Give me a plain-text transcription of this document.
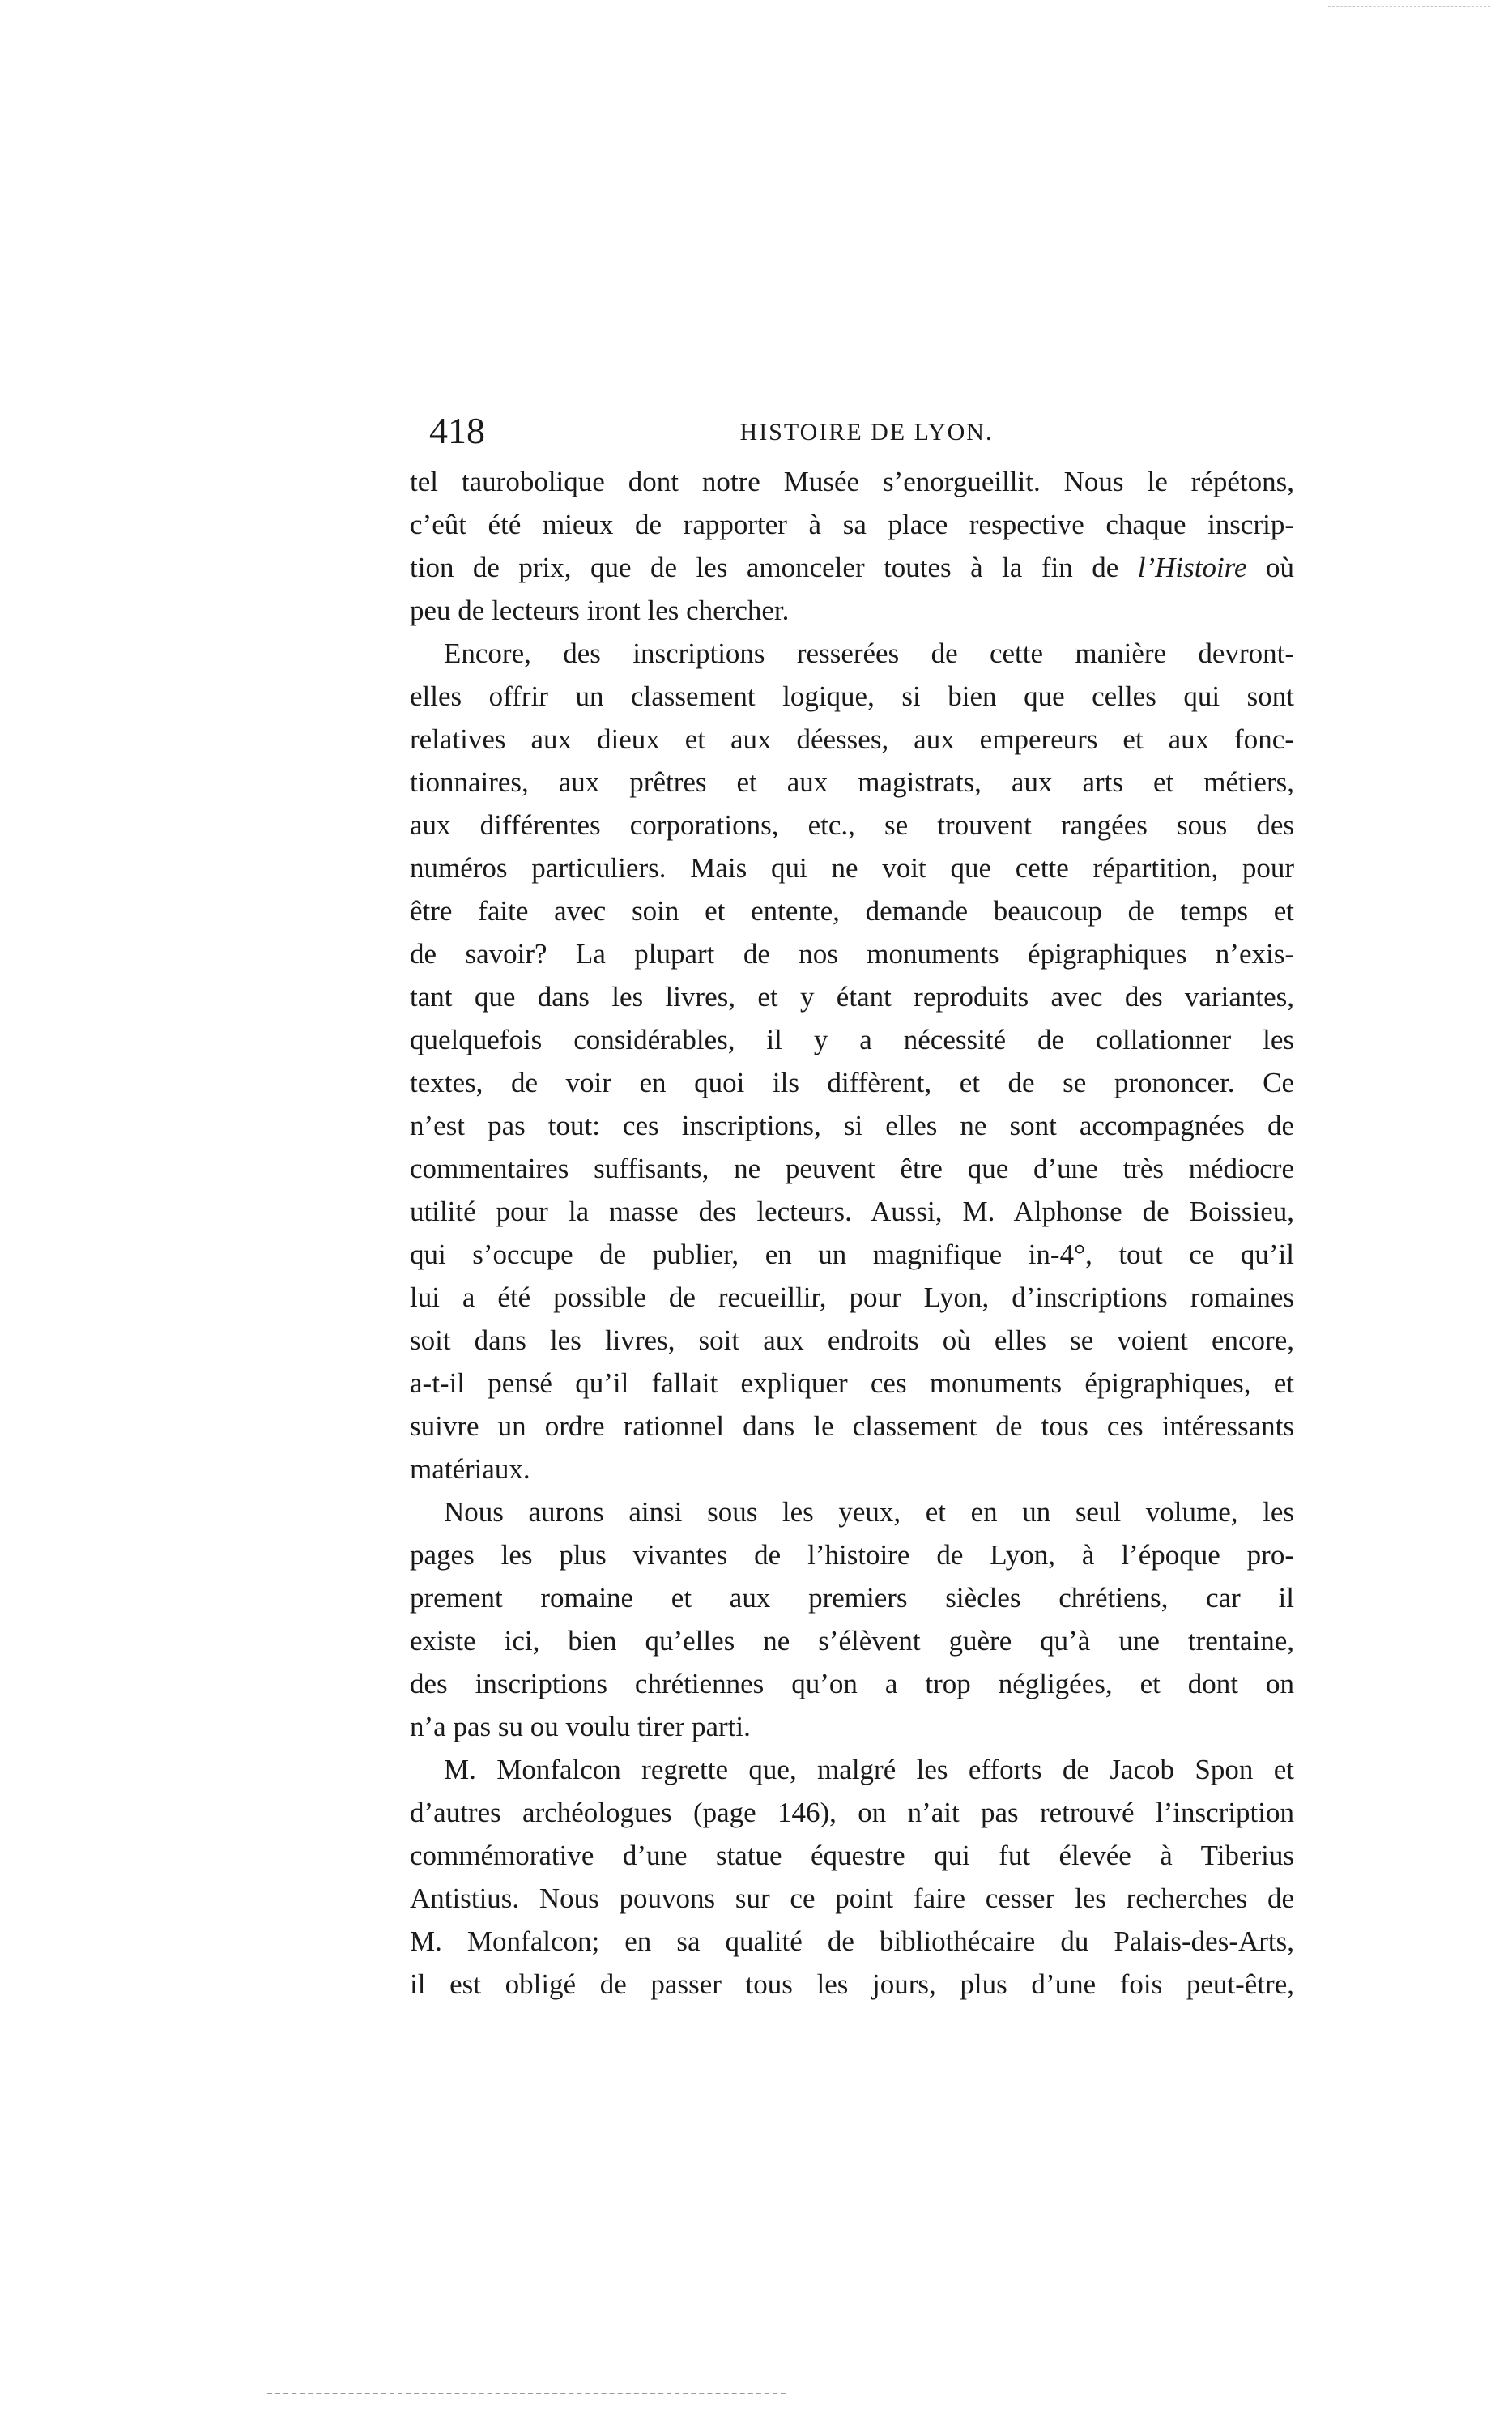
418	HISTOIRE DE LYON.
tel taurobolique dont notre Musée s’enorgueillit. Nous le répétons,
c’eût été mieux de rapporter à sa place respective chaque inscrip-
tion de prix, que de les amonceler toutes à la fin de l’Histoire où
peu de lecteurs iront les chercher.
Encore, des inscriptions resserées de cette manière devront-
elles offrir un classement logique, si bien que celles qui sont
relatives aux dieux et aux déesses, aux empereurs et aux fonc-
tionnaires, aux prêtres et aux magistrats, aux arts et métiers,
aux différentes corporations, etc., se trouvent rangées sous des
numéros particuliers. Mais qui ne voit que cette répartition, pour
être faite avec soin et entente, demande beaucoup de temps et
de savoir? La plupart de nos monuments épigraphiques n’exis-
tant que dans les livres, et y étant reproduits avec des variantes,
quelquefois considérables, il y a nécessité de collationner les
textes, de voir en quoi ils diffèrent, et de se prononcer. Ce
n’est pas tout: ces inscriptions, si elles ne sont accompagnées de
commentaires suffisants, ne peuvent être que d’une très médiocre
utilité pour la masse des lecteurs. Aussi, M. Alphonse de Boissieu,
qui s’occupe de publier, en un magnifique in-4°, tout ce qu’il
lui a été possible de recueillir, pour Lyon, d’inscriptions romaines
soit dans les livres, soit aux endroits où elles se voient encore,
a-t-il pensé qu’il fallait expliquer ces monuments épigraphiques, et
suivre un ordre rationnel dans le classement de tous ces intéressants
matériaux.
Nous aurons ainsi sous les yeux, et en un seul volume, les
pages les plus vivantes de l’histoire de Lyon, à l’époque pro-
prement romaine et aux premiers siècles chrétiens, car il
existe ici, bien qu’elles ne s’élèvent guère qu’à une trentaine,
des inscriptions chrétiennes qu’on a trop négligées, et dont on
n’a pas su ou voulu tirer parti.
M. Monfalcon regrette que, malgré les efforts de Jacob Spon et
d’autres archéologues (page 146), on n’ait pas retrouvé l’inscription
commémorative d’une statue équestre qui fut élevée à Tiberius
Antistius. Nous pouvons sur ce point faire cesser les recherches de
M. Monfalcon; en sa qualité de bibliothécaire du Palais-des-Arts,
il est obligé de passer tous les jours, plus d’une fois peut-être,
